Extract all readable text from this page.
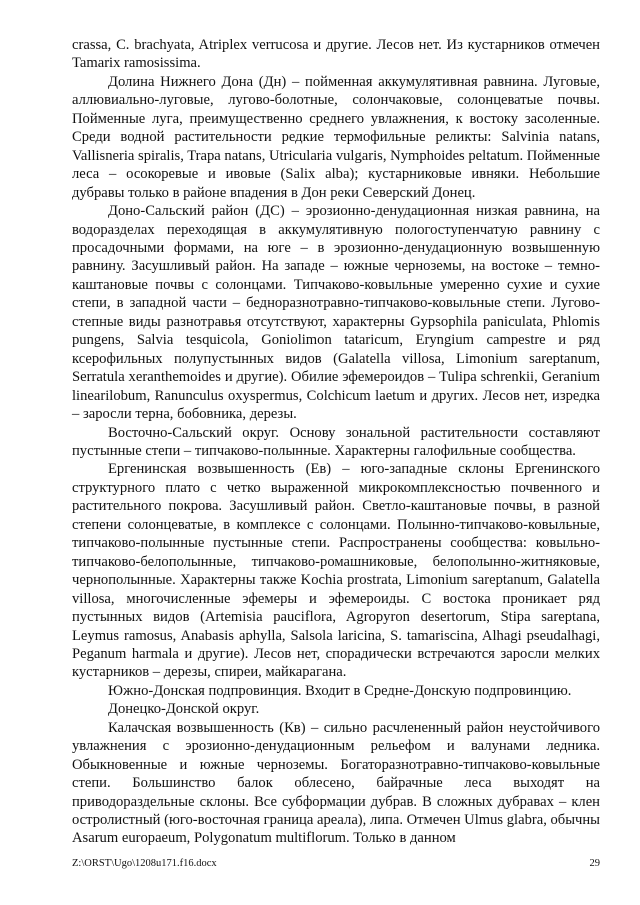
crassa, C. brachyata, Atriplex verrucosa и другие. Лесов нет. Из кустарников отмечен Tamarix ramosissima.

Долина Нижнего Дона (Дн) – пойменная аккумулятивная равнина. Луговые, аллювиально-луговые, лугово-болотные, солончаковые, солонцеватые почвы. Пойменные луга, преимущественно среднего увлажнения, к востоку засоленные. Среди водной растительности редкие термофильные реликты: Salvinia natans, Vallisneria spiralis, Trapa natans, Utricularia vulgaris, Nymphoides peltatum. Пойменные леса – осокоревые и ивовые (Salix alba); кустарниковые ивняки. Небольшие дубравы только в районе впадения в Дон реки Северский Донец.

Доно-Сальский район (ДС) – эрозионно-денудационная низкая равнина, на водоразделах переходящая в аккумулятивную пологоступенчатую равнину с просадочными формами, на юге – в эрозионно-денудационную возвышенную равнину. Засушливый район. На западе – южные черноземы, на востоке – темно-каштановые почвы с солонцами. Типчаково-ковыльные умеренно сухие и сухие степи, в западной части – бедноразнотравно-типчаково-ковыльные степи. Лугово-степные виды разнотравья отсутствуют, характерны Gypsophila paniculata, Phlomis pungens, Salvia tesquicola, Goniolimon tataricum, Eryngium campestre и ряд ксерофильных полупустынных видов (Galatella villosa, Limonium sareptanum, Serratula xeranthemoides и другие). Обилие эфемероидов – Tulipa schrenkii, Geranium linearilobum, Ranunculus oxyspermus, Colchicum laetum и других. Лесов нет, изредка – заросли терна, бобовника, дерезы.

Восточно-Сальский округ. Основу зональной растительности составляют пустынные степи – типчаково-полынные. Характерны галофильные сообщества.

Ергенинская возвышенность (Ев) – юго-западные склоны Ергенинского структурного плато с четко выраженной микрокомплексностью почвенного и растительного покрова. Засушливый район. Светло-каштановые почвы, в разной степени солонцеватые, в комплексе с солонцами. Полынно-типчаково-ковыльные, типчаково-полынные пустынные степи. Распространены сообщества: ковыльно-типчаково-белополынные, типчаково-ромашниковые, белополынно-житняковые, чернополынные. Характерны также Kochia prostrata, Limonium sareptanum, Galatella villosa, многочисленные эфемеры и эфемероиды. С востока проникает ряд пустынных видов (Artemisia pauciflora, Agropyron desertorum, Stipa sareptana, Leymus ramosus, Anabasis aphylla, Salsola laricina, S. tamariscina, Alhagi pseudalhagi, Peganum harmala и другие). Лесов нет, спорадически встречаются заросли мелких кустарников – дерезы, спиреи, майкарагана.

Южно-Донская подпровинция. Входит в Средне-Донскую подпровинцию.

Донецко-Донской округ.

Калачская возвышенность (Кв) – сильно расчлененный район неустойчивого увлажнения с эрозионно-денудационным рельефом и валунами ледника. Обыкновенные и южные черноземы. Богаторазнотравно-типчаково-ковыльные степи. Большинство балок облесено, байрачные леса выходят на приводораздельные склоны. Все субформации дубрав. В сложных дубравах – клен остролистный (юго-восточная граница ареала), липа. Отмечен Ulmus glabra, обычны Asarum europaeum, Polygonatum multiflorum. Только в данном

Z:\ORST\Ugo\1208u171.f16.docx	29
